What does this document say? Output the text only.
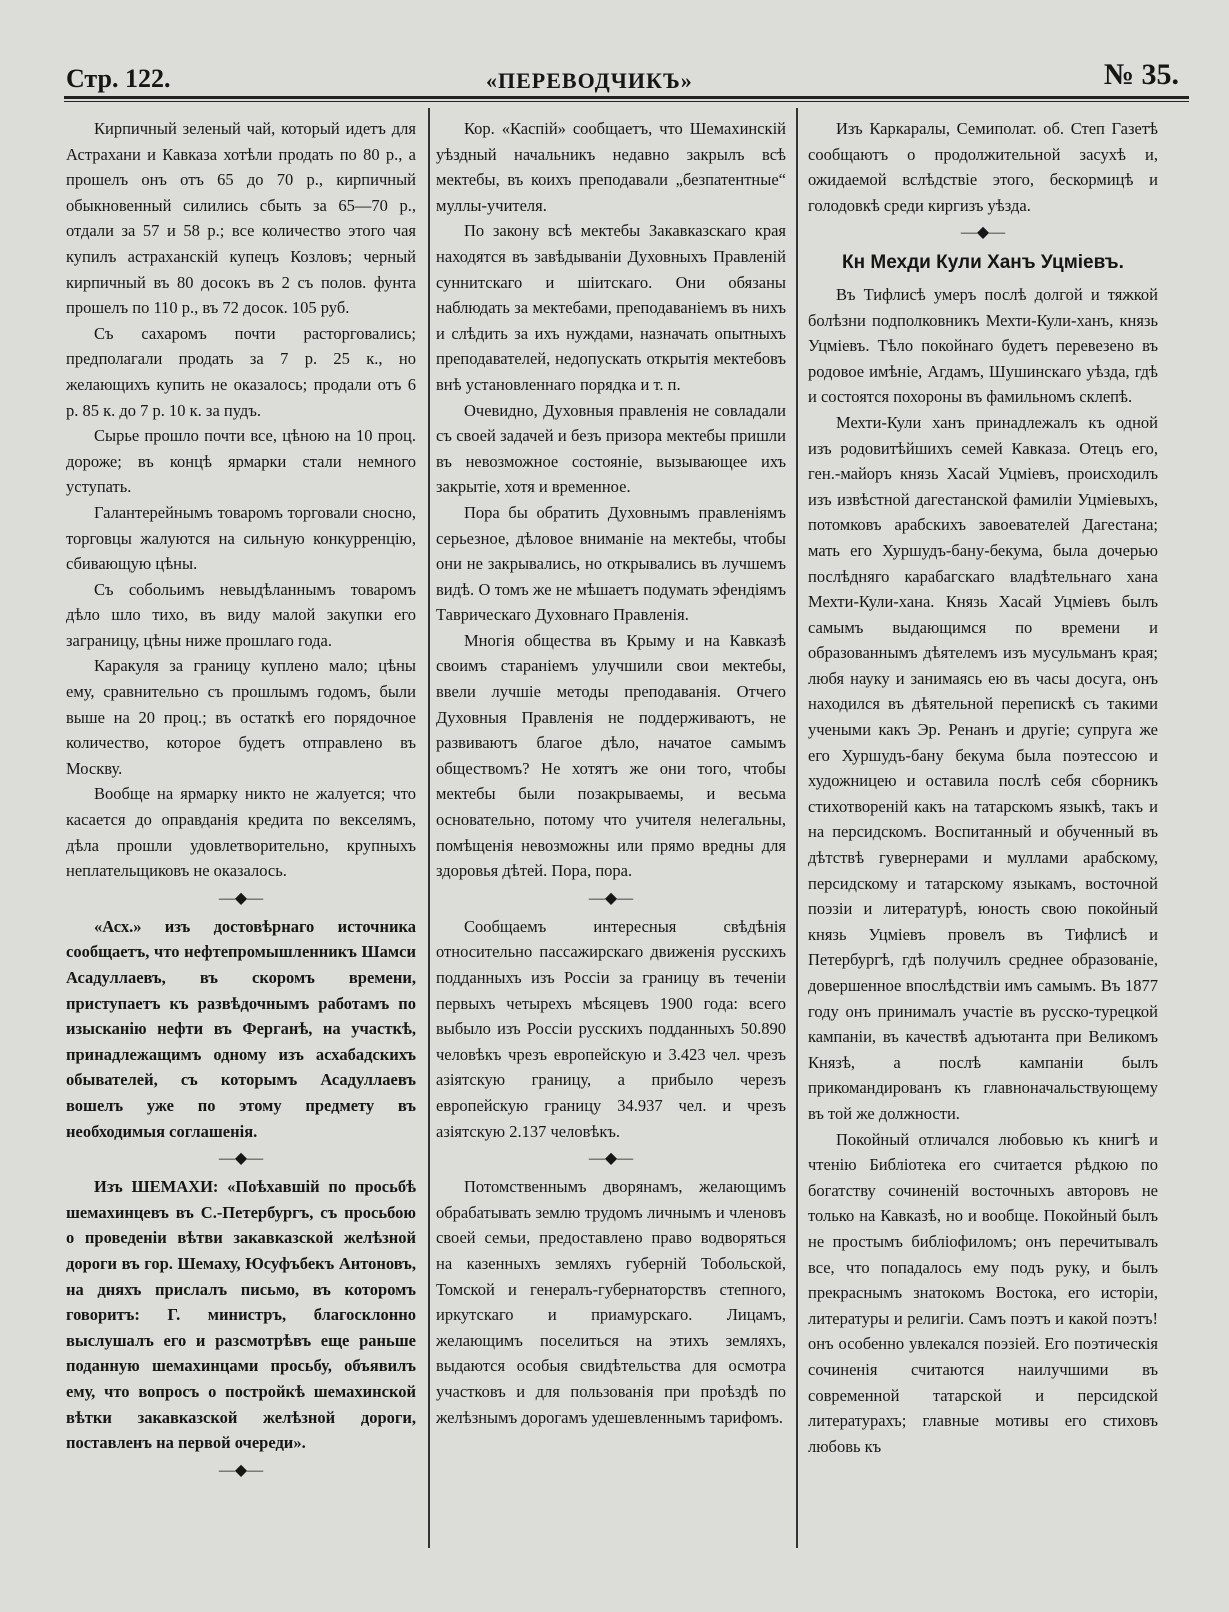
Стр. 122.	«ПЕРЕВОДЧИКЪ»	№ 35.

Кирпичный зеленый чай, который идетъ для Астрахани и Кавказа хотѣли продать по 80 р., а прошелъ онъ отъ 65 до 70 р., кирпичный обыкновенный силились сбыть за 65—70 р., отдали за 57 и 58 р.; все количество этого чая купилъ астраханскій купецъ Козловъ; черный кирпичный въ 80 досокъ въ 2 съ полов. фунта прошелъ по 110 р., въ 72 досок. 105 руб.

Съ сахаромъ почти расторговались; предполагали продать за 7 р. 25 к., но желающихъ купить не оказалось; продали отъ 6 р. 85 к. до 7 р. 10 к. за пудъ.

Сырье прошло почти все, цѣною на 10 проц. дороже; въ концѣ ярмарки стали немного уступать.

Галантерейнымъ товаромъ торговали сносно, торговцы жалуются на сильную конкурренцію, сбивающую цѣны.

Съ собольимъ невыдѣланнымъ товаромъ дѣло шло тихо, въ виду малой закупки его заграницу, цѣны ниже прошлаго года.

Каракуля за границу куплено мало; цѣны ему, сравнительно съ прошлымъ годомъ, были выше на 20 проц.; въ остаткѣ его порядочное количество, которое будетъ отправлено въ Москву.

Вообще на ярмарку никто не жалуется; что касается до оправданія кредита по векселямъ, дѣла прошли удовлетворительно, крупныхъ неплательщиковъ не оказалось.

—◆—

«Асх.» изъ достовѣрнаго источника сообщаетъ, что нефтепромышленникъ Шамси Асадуллаевъ, въ скоромъ времени, приступаетъ къ развѣдочнымъ работамъ по изысканію нефти въ Ферганѣ, на участкѣ, принадлежащимъ одному изъ асхабадскихъ обывателей, съ которымъ Асадуллаевъ вошелъ уже по этому предмету въ необходимыя соглашенія.

—◆—

Изъ ШЕМАХИ: «Поѣхавшій по просьбѣ шемахинцевъ въ С.-Петербургъ, съ просьбою о проведеніи вѣтви закавказской желѣзной дороги въ гор. Шемаху, Юсуфъбекъ Антоновъ, на дняхъ прислалъ письмо, въ которомъ говоритъ: Г. министръ, благосклонно выслушалъ его и разсмотрѣвъ еще раньше поданную шемахинцами просьбу, объявилъ ему, что вопросъ о постройкѣ шемахинской вѣтки закавказской желѣзной дороги, поставленъ на первой очереди».

—◆—

Кор. «Каспій» сообщаетъ, что Шемахинскій уѣздный начальникъ недавно закрылъ всѣ мектебы, въ коихъ преподавали „безпатентные“ муллы-учителя.

По закону всѣ мектебы Закавказскаго края находятся въ завѣдываніи Духовныхъ Правленій суннитскаго и шіитскаго. Они обязаны наблюдать за мектебами, преподаваніемъ въ нихъ и слѣдить за ихъ нуждами, назначать опытныхъ преподавателей, недопускать открытія мектебовъ внѣ установленнаго порядка и т. п.

Очевидно, Духовныя правленія не совладали съ своей задачей и безъ призора мектебы пришли въ невозможное состояніе, вызывающее ихъ закрытіе, хотя и временное.

Пора бы обратить Духовнымъ правленіямъ серьезное, дѣловое вниманіе на мектебы, чтобы они не закрывались, но открывались въ лучшемъ видѣ. О томъ же не мѣшаетъ подумать эфендіямъ Таврическаго Духовнаго Правленія.

Многія общества въ Крыму и на Кавказѣ своимъ стараніемъ улучшили свои мектебы, ввели лучшіе методы преподаванія. Отчего Духовныя Правленія не поддерживаютъ, не развиваютъ благое дѣло, начатое самымъ обществомъ? Не хотятъ же они того, чтобы мектебы были позакрываемы, и весьма основательно, потому что учителя нелегальны, помѣщенія невозможны или прямо вредны для здоровья дѣтей. Пора, пора.

—◆—

Сообщаемъ интересныя свѣдѣнія относительно пассажирскаго движенія русскихъ подданныхъ изъ Россіи за границу въ теченіи первыхъ четырехъ мѣсяцевъ 1900 года: всего выбыло изъ Россіи русскихъ подданныхъ 50.890 человѣкъ чрезъ европейскую и 3.423 чел. чрезъ азіятскую границу, а прибыло черезъ европейскую границу 34.937 чел. и чрезъ азіятскую 2.137 человѣкъ.

—◆—

Потомственнымъ дворянамъ, желающимъ обрабатывать землю трудомъ личнымъ и членовъ своей семьи, предоставлено право водворяться на казенныхъ земляхъ губерній Тобольской, Томской и генералъ-губернаторствъ степного, иркутскаго и приамурскаго. Лицамъ, желающимъ поселиться на этихъ земляхъ, выдаются особыя свидѣтельства для осмотра участковъ и для пользованія при проѣздѣ по желѣзнымъ дорогамъ удешевленнымъ тарифомъ.

Изъ Каркаралы, Семиполат. об. Степ Газетѣ сообщаютъ о продолжительной засухѣ и, ожидаемой вслѣдствіе этого, бескормицѣ и голодовкѣ среди киргизъ уѣзда.

—◆—
Кн Мехди Кули Ханъ Уцміевъ.

Въ Тифлисѣ умеръ послѣ долгой и тяжкой болѣзни подполковникъ Мехти-Кули-ханъ, князь Уцміевъ. Тѣло покойнаго будетъ перевезено въ родовое имѣніе, Агдамъ, Шушинскаго уѣзда, гдѣ и состоятся похороны въ фамильномъ склепѣ.

Мехти-Кули ханъ принадлежалъ къ одной изъ родовитѣйшихъ семей Кавказа. Отецъ его, ген.-майоръ князь Хасай Уцміевъ, происходилъ изъ извѣстной дагестанской фамиліи Уцміевыхъ, потомковъ арабскихъ завоевателей Дагестана; мать его Хуршудъ-бану-бекума, была дочерью послѣдняго карабагскаго владѣтельнаго хана Мехти-Кули-хана. Князь Хасай Уцміевъ былъ самымъ выдающимся по времени и образованнымъ дѣятелемъ изъ мусульманъ края; любя науку и занимаясь ею въ часы досуга, онъ находился въ дѣятельной перепискѣ съ такими учеными какъ Эр. Ренанъ и другіе; супруга же его Хуршудъ-бану бекума была поэтессою и художницею и оставила послѣ себя сборникъ стихотвореній какъ на татарскомъ языкѣ, такъ и на персидскомъ. Воспитанный и обученный въ дѣтствѣ гувернерами и муллами арабскому, персидскому и татарскому языкамъ, восточной поэзіи и литературѣ, юность свою покойный князь Уцміевъ провелъ въ Тифлисѣ и Петербургѣ, гдѣ получилъ среднее образованіе, довершенное впослѣдствіи имъ самымъ. Въ 1877 году онъ принималъ участіе въ русско-турецкой кампаніи, въ качествѣ адъютанта при Великомъ Князѣ, а послѣ кампаніи былъ прикомандированъ къ главноначальствующему въ той же должности.

Покойный отличался любовью къ книгѣ и чтенію Библіотека его считается рѣдкою по богатству сочиненій восточныхъ авторовъ не только на Кавказѣ, но и вообще. Покойный былъ не простымъ библіофиломъ; онъ перечитывалъ все, что попадалось ему подъ руку, и былъ прекраснымъ знатокомъ Востока, его исторіи, литературы и религіи. Самъ поэтъ и какой поэтъ! онъ особенно увлекался поэзіей. Его поэтическія сочиненія считаются наилучшими въ современной татарской и персидской литературахъ; главные мотивы его стиховъ любовь къ
